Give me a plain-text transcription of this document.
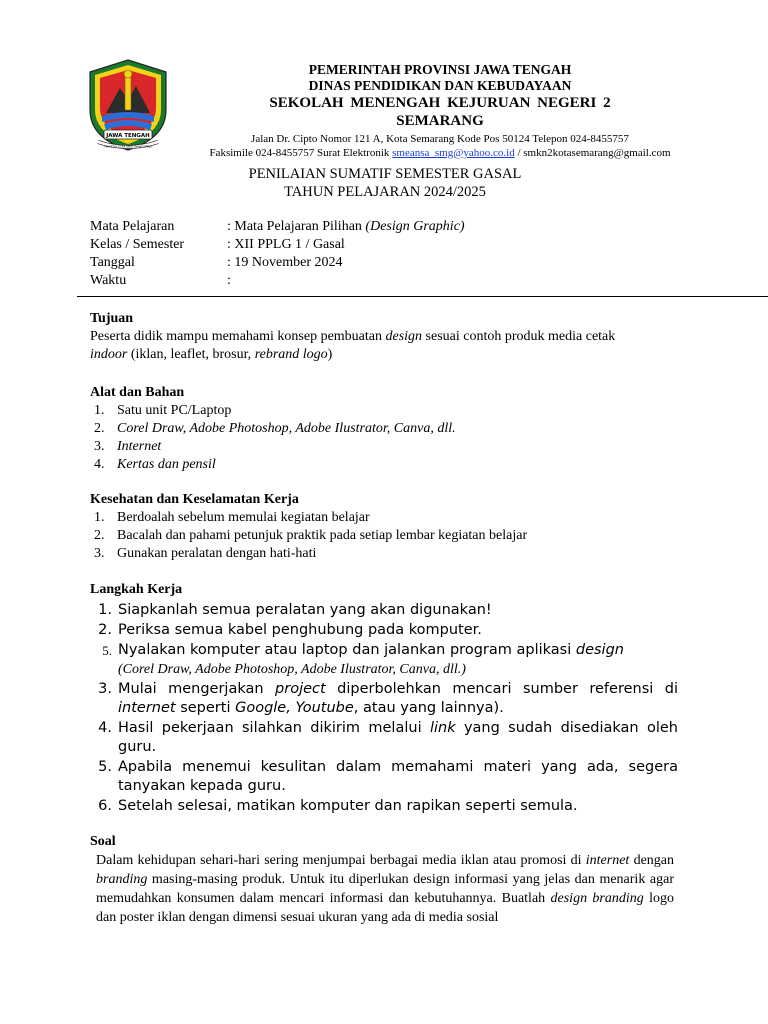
JAWA TENGAH
PRASETYA ULAH SAKTI BHAKTI PRAJA
PEMERINTAH PROVINSI JAWA TENGAH
DINAS PENDIDIKAN DAN KEBUDAYAAN
SEKOLAH MENENGAH KEJURUAN NEGERI 2
SEMARANG
Jalan Dr. Cipto Nomor 121 A, Kota Semarang Kode Pos 50124 Telepon 024-8455757
Faksimile 024-8455757 Surat Elektronik smeansa_smg@yahoo.co.id / smkn2kotasemarang@gmail.com
PENILAIAN SUMATIF SEMESTER GASAL
TAHUN PELAJARAN 2024/2025
Mata Pelajaran	: Mata Pelajaran Pilihan (Design Graphic)
Kelas / Semester	: XII PPLG 1 / Gasal
Tanggal	: 19 November 2024
Waktu	:
Tujuan

Peserta didik mampu memahami konsep pembuatan design sesuai contoh produk media cetak
indoor (iklan, leaflet, brosur, rebrand logo)

Alat dan Bahan
1. Satu unit PC/Laptop
2. Corel Draw, Adobe Photoshop, Adobe Ilustrator, Canva, dll.
3. Internet
4. Kertas dan pensil
Kesehatan dan Keselamatan Kerja
1. Berdoalah sebelum memulai kegiatan belajar
2. Bacalah dan pahami petunjuk praktik pada setiap lembar kegiatan belajar
3. Gunakan peralatan dengan hati-hati
Langkah Kerja
1. Siapkanlah semua peralatan yang akan digunakan!
2. Periksa semua kabel penghubung pada komputer.
5. Nyalakan komputer atau laptop dan jalankan program aplikasi design
(Corel Draw, Adobe Photoshop, Adobe Ilustrator, Canva, dll.)
3. Mulai mengerjakan project diperbolehkan mencari sumber referensi di internet seperti Google, Youtube, atau yang lainnya).
4. Hasil pekerjaan silahkan dikirim melalui link yang sudah disediakan oleh guru.
5. Apabila menemui kesulitan dalam memahami materi yang ada, segera tanyakan kepada guru.
6. Setelah selesai, matikan komputer dan rapikan seperti semula.
Soal

Dalam kehidupan sehari-hari sering menjumpai berbagai media iklan atau promosi di internet dengan branding masing-masing produk. Untuk itu diperlukan design informasi yang jelas dan menarik agar memudahkan konsumen dalam mencari informasi dan kebutuhannya. Buatlah design branding logo dan poster iklan dengan dimensi sesuai ukuran yang ada di media sosial
